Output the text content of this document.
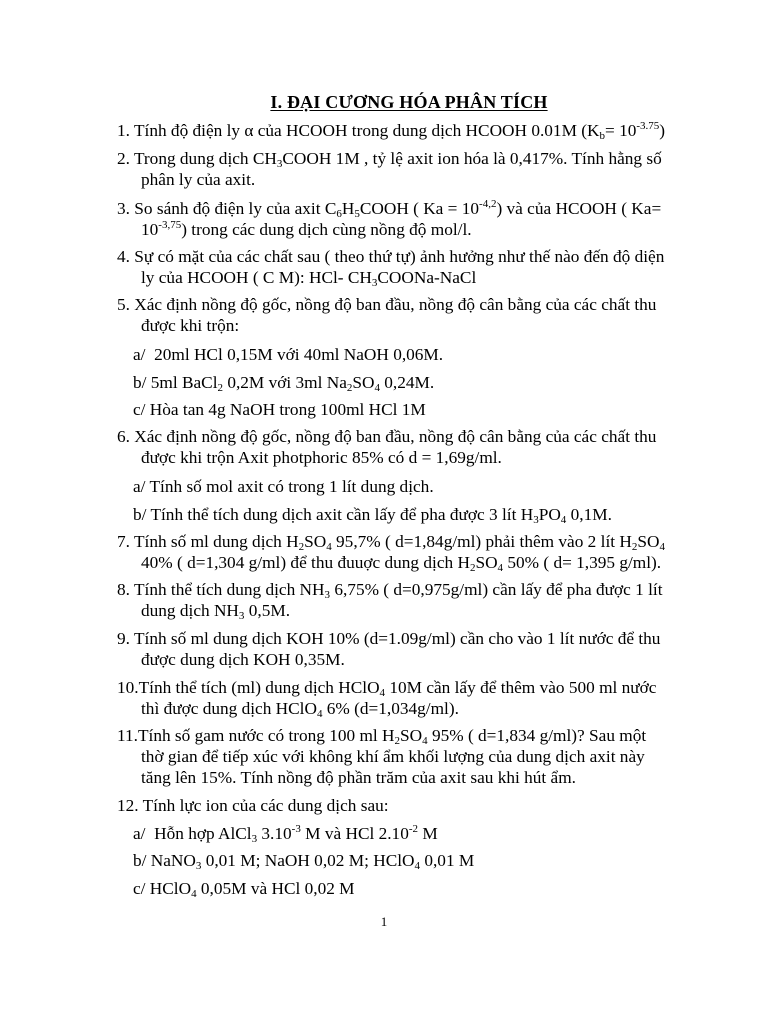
I. ĐẠI CƯƠNG HÓA PHÂN TÍCH
1. Tính độ điện ly α của HCOOH trong dung dịch HCOOH 0.01M $(K_b= 10^{-3.75})$
2. Trong dung dịch $CH_3COOH$ 1M , tỷ lệ axit ion hóa là 0,417%. Tính hằng số
phân ly của axit.
3. So sánh độ điện ly của axit $C_6H_5COOH$ ( $Ka = 10^{-4,2}$) và của HCOOH ( Ka=
$10^{-3,75}$) trong các dung dịch cùng nồng độ mol/l.
4. Sự có mặt của các chất sau ( theo thứ tự) ảnh hưởng như thế nào đến độ diện
ly của HCOOH ( C M): HCl- $CH_3COONa$-NaCl
5. Xác định nồng độ gốc, nồng độ ban đầu, nồng độ cân bằng của các chất thu
được khi trộn:
a/  20ml HCl 0,15M với 40ml NaOH 0,06M.
b/ 5ml BaCl$_2$ 0,2M với 3ml $Na_2SO_4$ 0,24M.
c/ Hòa tan 4g NaOH trong 100ml HCl 1M
6. Xác định nồng độ gốc, nồng độ ban đầu, nồng độ cân bằng của các chất thu
được khi trộn Axit photphoric 85% có d = 1,69g/ml.
a/ Tính số mol axit có trong 1 lít dung dịch.
b/ Tính thể tích dung dịch axit cần lấy để pha được 3 lít $H_3PO_4$ 0,1M.
7. Tính số ml dung dịch $H_2SO_4$ 95,7% ( d=1,84g/ml) phải thêm vào 2 lít $H_2SO_4$
40% ( d=1,304 g/ml) để thu đuuợc dung dịch $H_2SO_4$ 50% ( d= 1,395 g/ml).
8. Tính thể tích dung dịch $NH_3$ 6,75% ( d=0,975g/ml) cần lấy để pha được 1 lít
dung dịch $NH_3$ 0,5M.
9. Tính số ml dung dịch KOH 10% (d=1.09g/ml) cần cho vào 1 lít nước để thu
được dung dịch KOH 0,35M.
10.Tính thể tích (ml) dung dịch HClO$_4$ 10M cần lấy để thêm vào 500 ml nước
thì được dung dịch HClO$_4$ 6% (d=1,034g/ml).
11.Tính số gam nước có trong 100 ml $H_2SO_4$ 95% ( d=1,834 g/ml)? Sau một
thờ gian để tiếp xúc với không khí ẩm khối lượng của dung dịch axit này
tăng lên 15%. Tính nồng độ phần trăm của axit sau khi hút ẩm.
12. Tính lực ion của các dung dịch sau:
a/  Hỗn hợp AlCl$_3$ $3.10^{-3}$ M và HCl $2.10^{-2}$ M
b/ NaNO$_3$ 0,01 M; NaOH 0,02 M; HClO$_4$ 0,01 M
c/ HClO$_4$ 0,05M và HCl 0,02 M
1
